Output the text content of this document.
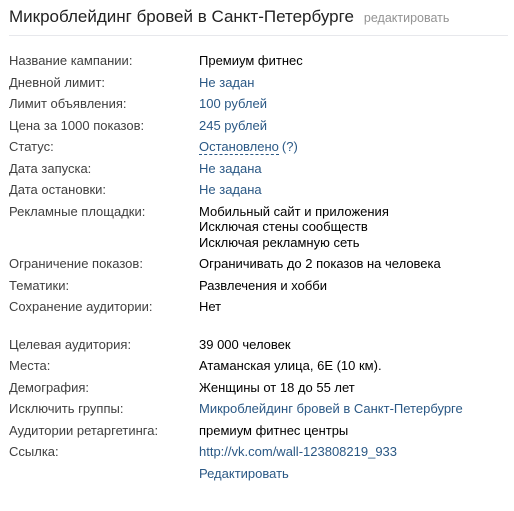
Микроблейдинг бровей в Санкт-Петербурге редактировать
Название кампании:	Премиум фитнес
Дневной лимит:	Не задан
Лимит объявления:	100 рублей
Цена за 1000 показов:	245 рублей
Статус:	Остановлено (?)
Дата запуска:	Не задана
Дата остановки:	Не задана
Рекламные площадки:	Мобильный сайт и приложения
Исключая стены сообществ
Исключая рекламную сеть
Ограничение показов:	Ограничивать до 2 показов на человека
Тематики:	Развлечения и хобби
Сохранение аудитории:	Нет
Целевая аудитория:	39 000 человек
Места:	Атаманская улица, 6Е (10 км).
Демография:	Женщины от 18 до 55 лет
Исключить группы:	Микроблейдинг бровей в Санкт-Петербурге
Аудитории ретаргетинга:	премиум фитнес центры
Ссылка:	http://vk.com/wall-123808219_933
Редактировать
